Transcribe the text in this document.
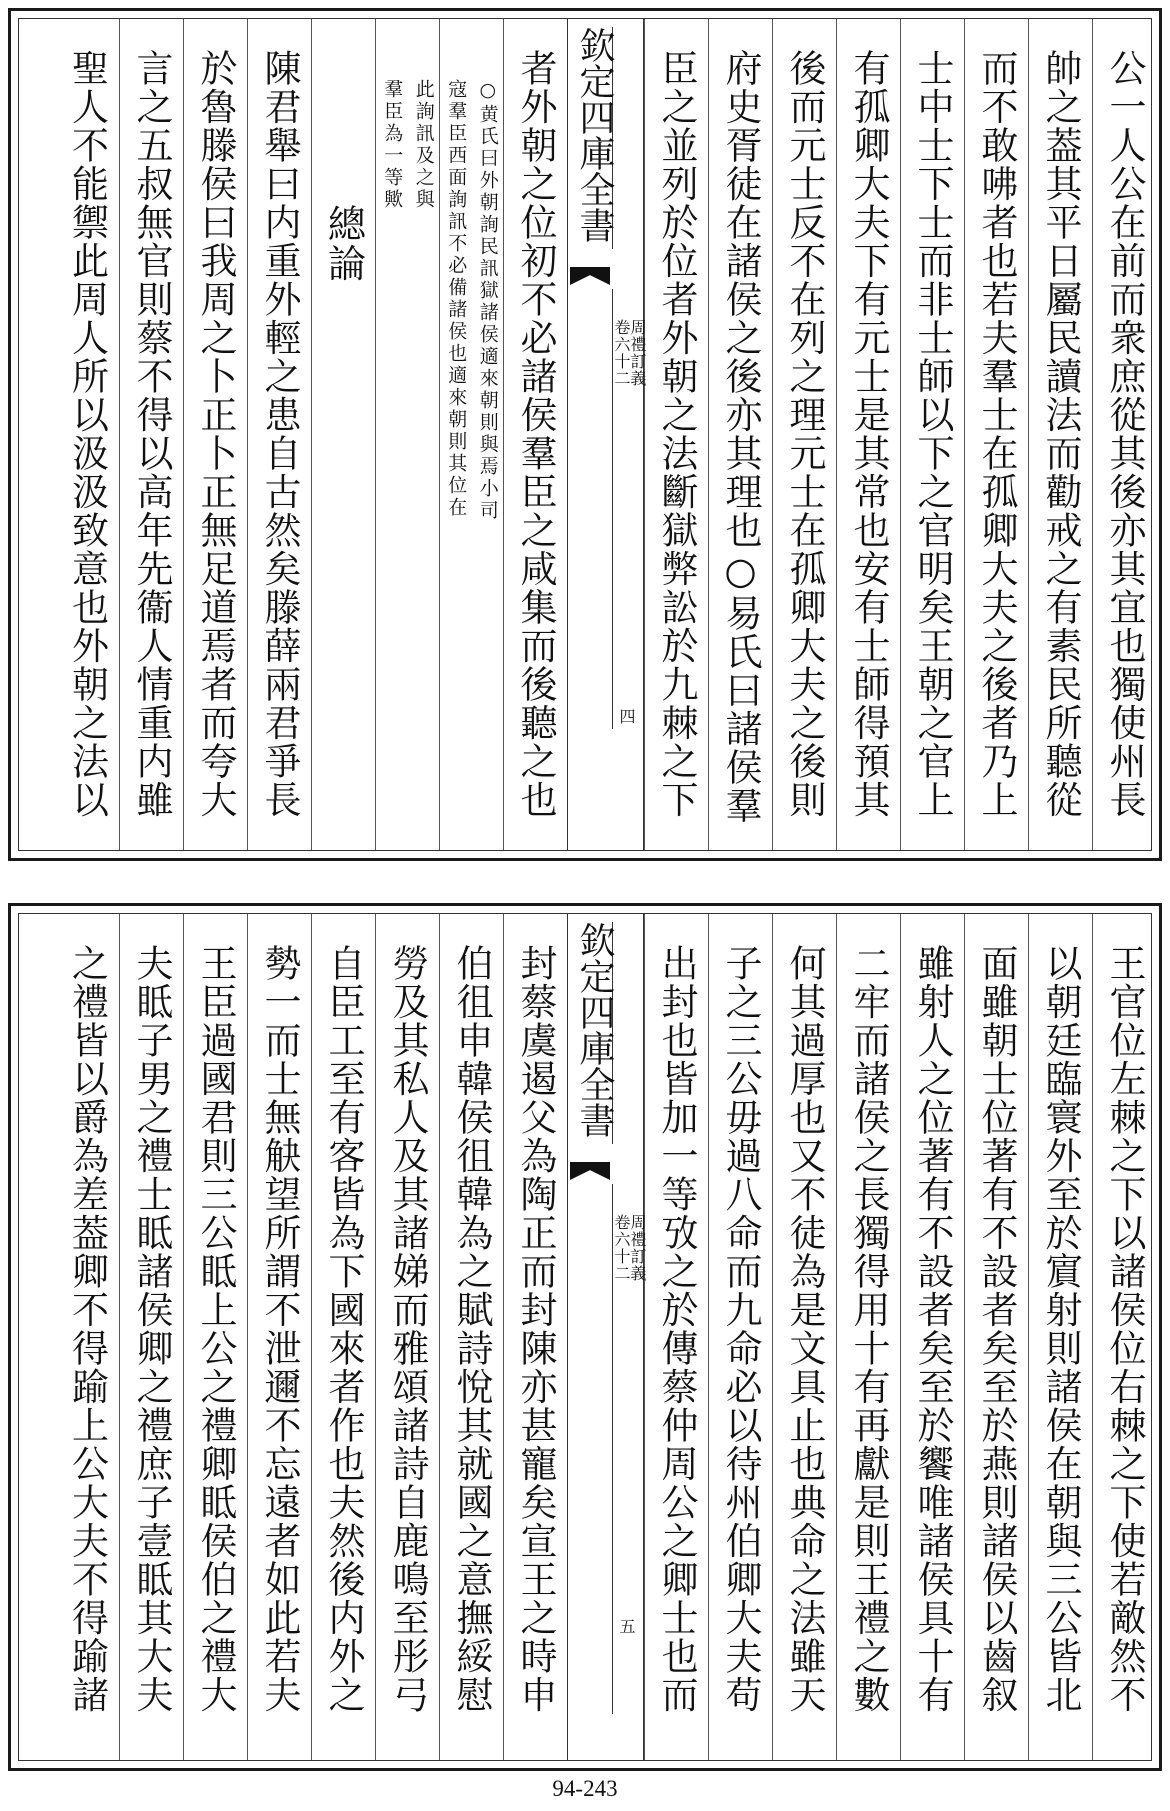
公一人公在前而衆庶從其後亦其宜也獨使州長
帥之葢其平日屬民讀法而勸戒之有素民所聽從
而不敢咈者也若夫羣士在孤卿大夫之後者乃上
士中士下士而非士師以下之官明矣王朝之官上
有孤卿大夫下有元士是其常也安有士師得預其
後而元士反不在列之理元士在孤卿大夫之後則
府史胥徒在諸侯之後亦其理也○易氏曰諸侯羣
臣之並列於位者外朝之法斷獄弊訟於九棘之下
欽定四庫全書
周禮訂義
卷六十二
四
者外朝之位初不必諸侯羣臣之咸集而後聽之也
○黄氏曰外朝詢民訊獄諸侯適來朝則與焉小司
寇羣臣西面詢訊不必備諸侯也適來朝則其位在
此詢訊及之與
羣臣為一等歟
總論
陳君舉曰内重外輕之患自古然矣滕薛兩君爭長
於魯滕侯曰我周之卜正卜正無足道焉者而夸大
言之五叔無官則蔡不得以高年先衞人情重内雖
聖人不能禦此周人所以汲汲致意也外朝之法以
王官位左棘之下以諸侯位右棘之下使若敵然不
以朝廷臨寰外至於賔射則諸侯在朝與三公皆北
面雖朝士位著有不設者矣至於燕則諸侯以齒叙
雖射人之位著有不設者矣至於饗唯諸侯具十有
二牢而諸侯之長獨得用十有再獻是則王禮之數
何其過厚也又不徒為是文具止也典命之法雖天
子之三公毋過八命而九命必以待州伯卿大夫苟
出封也皆加一等攷之於傳蔡仲周公之卿士也而
欽定四庫全書
周禮訂義
卷六十二
五
封蔡虞遏父為陶正而封陳亦甚寵矣宣王之時申
伯徂申韓侯徂韓為之賦詩悅其就國之意撫綏慰
勞及其私人及其諸娣而雅頌諸詩自鹿鳴至彤弓
自臣工至有客皆為下國來者作也夫然後内外之
勢一而士無觖望所謂不泄邇不忘遠者如此若夫
王臣過國君則三公眡上公之禮卿眡侯伯之禮大
夫眡子男之禮士眡諸侯卿之禮庶子壹眡其大夫
之禮皆以爵為差葢卿不得踰上公大夫不得踰諸
94-243
